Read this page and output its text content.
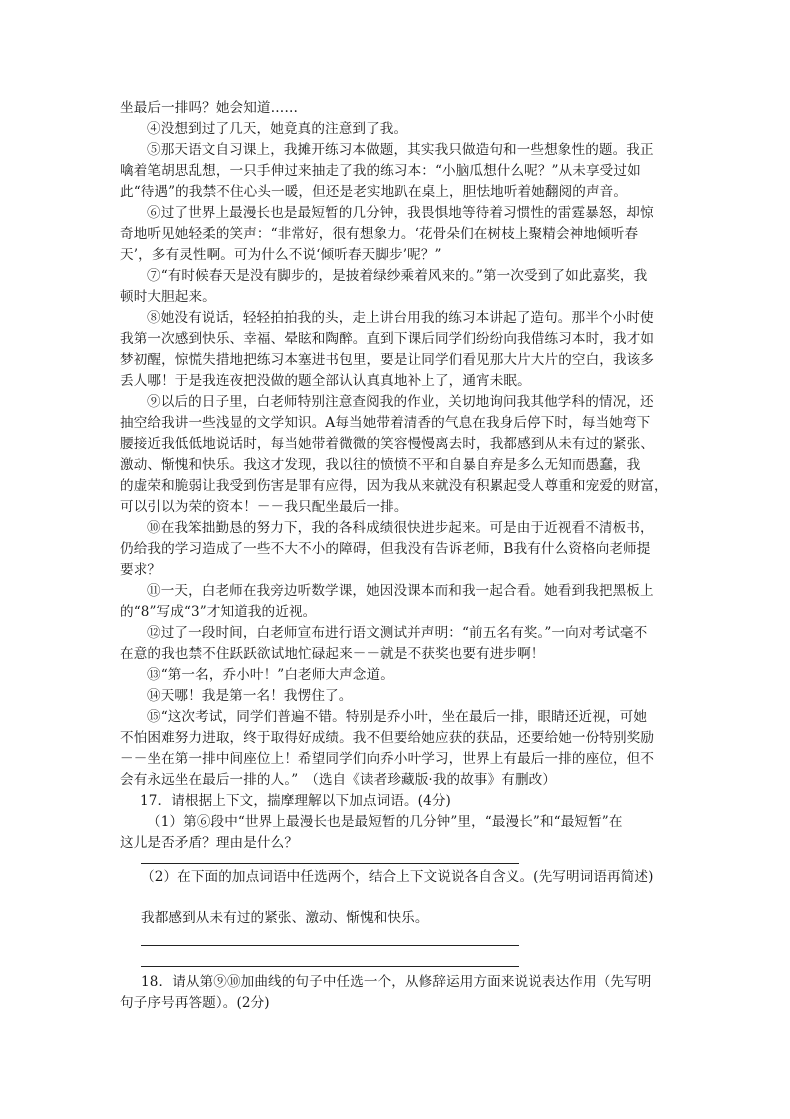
坐最后一排吗？她会知道……

④没想到过了几天，她竟真的注意到了我。

⑤那天语文自习课上，我摊开练习本做题，其实我只做造句和一些想象性的题。我正

噙着笔胡思乱想，一只手伸过来抽走了我的练习本：“小脑瓜想什么呢？”从未享受过如

此“待遇”的我禁不住心头一暖，但还是老实地趴在桌上，胆怯地听着她翻阅的声音。

⑥过了世界上最漫长也是最短暂的几分钟，我畏惧地等待着习惯性的雷霆暴怒，却惊

奇地听见她轻柔的笑声：“非常好，很有想象力。‘花骨朵们在树枝上聚精会神地倾听春

天’，多有灵性啊。可为什么不说‘倾听春天脚步’呢？”

⑦“有时候春天是没有脚步的，是披着绿纱乘着风来的。”第一次受到了如此嘉奖，我

顿时大胆起来。

⑧她没有说话，轻轻拍拍我的头，走上讲台用我的练习本讲起了造句。那半个小时使

我第一次感到快乐、幸福、晕眩和陶醉。直到下课后同学们纷纷向我借练习本时，我才如

梦初醒，惊慌失措地把练习本塞进书包里，要是让同学们看见那大片大片的空白，我该多

丢人哪！于是我连夜把没做的题全部认认真真地补上了，通宵未眠。

⑨以后的日子里，白老师特别注意查阅我的作业，关切地询问我其他学科的情况，还

抽空给我讲一些浅显的文学知识。A每当她带着清香的气息在我身后停下时，每当她弯下

腰接近我低低地说话时，每当她带着微微的笑容慢慢离去时，我都感到从未有过的紧张、

激动、惭愧和快乐。我这才发现，我以往的愤愤不平和自暴自弃是多么无知而愚蠢，我

的虚荣和脆弱让我受到伤害是罪有应得，因为我从来就没有积累起受人尊重和宠爱的财富，

可以引以为荣的资本！－－我只配坐最后一排。

⑩在我笨拙勤恳的努力下，我的各科成绩很快进步起来。可是由于近视看不清板书，

仍给我的学习造成了一些不大不小的障碍，但我没有告诉老师，B我有什么资格向老师提

要求？

⑪一天，白老师在我旁边听数学课，她因没课本而和我一起合看。她看到我把黑板上

的“8”写成“3”才知道我的近视。

⑫过了一段时间，白老师宣布进行语文测试并声明：“前五名有奖。”一向对考试毫不

在意的我也禁不住跃跃欲试地忙碌起来－－就是不获奖也要有进步啊！

⑬“第一名，乔小叶！”白老师大声念道。

⑭天哪！我是第一名！我愣住了。

⑮“这次考试，同学们普遍不错。特别是乔小叶，坐在最后一排，眼睛还近视，可她

不怕困难努力进取，终于取得好成绩。我不但要给她应获的获品，还要给她一份特别奖励

－－坐在第一排中间座位上！希望同学们向乔小叶学习，世界上有最后一排的座位，但不

会有永远坐在最后一排的人。”　（选自《读者珍藏版·我的故事》有删改）

17．请根据上下文，揣摩理解以下加点词语。(4分)

（1）第⑥段中“世界上最漫长也是最短暂的几分钟”里，“最漫长”和“最短暂”在

这儿是否矛盾？理由是什么？

（2）在下面的加点词语中任选两个，结合上下文说说各自含义。(先写明词语再简述)

我都感到从未有过的紧张、激动、惭愧和快乐。

18．请从第⑨⑩加曲线的句子中任选一个，从修辞运用方面来说说表达作用（先写明

句子序号再答题）。(2分)
